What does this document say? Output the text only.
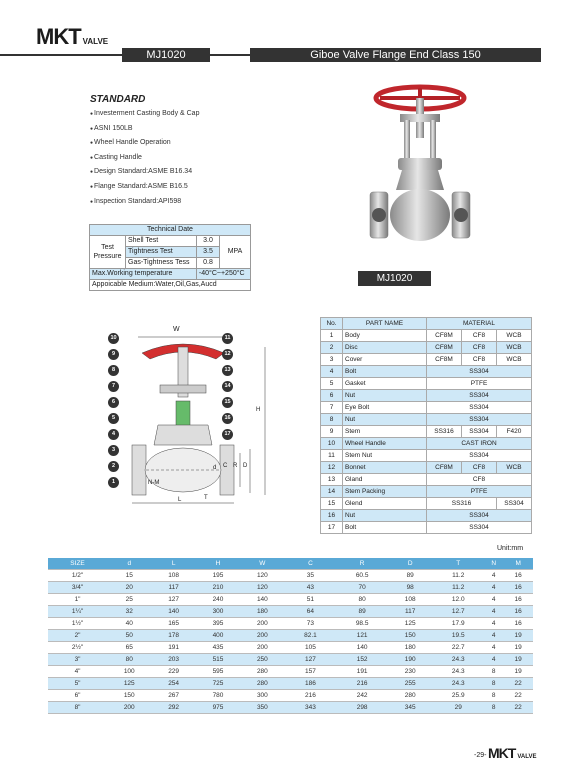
MKT VALVE
MJ1020	Giboe Valve Flange End Class 150
STANDARD
● Investerment Casting Body & Cap
● ASNI 150LB
● Wheel Handle Operation
● Casting Handle
● Design Standard:ASME B16.34
● Flange Standard:ASME B16.5
● Inspection Standard:API598
Technical Date			
Test Pressure	Shell Test	3.0	MPA
	Tightness Test	3.5	
	Gas-Tightness Tess	0.8	
Max.Working temperature		-40°C~+250°C	
Appoicable Medium:Water,Oil,Gas,Aucd			
MJ1020
W
H
d C R D
N-M
L	T
10
9
8
7
6
5
4
3
2
1
11
12
13
14
15
16
17
No.	PART NAME	MATERIAL		
1	Body	CF8M	CF8	WCB
2	Disc	CF8M	CF8	WCB
3	Cover	CF8M	CF8	WCB
4	Bolt	SS304		
5	Gasket	PTFE		
6	Nut	SS304		
7	Eye Bolt	SS304		
8	Nut	SS304		
9	Stem	SS316	SS304	F420
10	Wheel Handle	CAST IRON		
11	Stem Nut	SS304		
12	Bonnet	CF8M	CF8	WCB
13	Gland	CF8		
14	Stem Packing	PTFE		
15	Glend	SS316		SS304
16	Nut	SS304		
17	Bolt	SS304		
Unit:mm
SIZE	d	L	H	W	C	R	D	T	N	M
1/2"	15	108	195	120	35	60.5	89	11.2	4	16
3/4"	20	117	210	120	43	70	98	11.2	4	16
1"	25	127	240	140	51	80	108	12.0	4	16
1¼"	32	140	300	180	64	89	117	12.7	4	16
1½"	40	165	395	200	73	98.5	125	17.9	4	16
2"	50	178	400	200	82.1	121	150	19.5	4	19
2½"	65	191	435	200	105	140	180	22.7	4	19
3"	80	203	515	250	127	152	190	24.3	4	19
4"	100	229	595	280	157	191	230	24.3	8	19
5"	125	254	725	280	186	216	255	24.3	8	22
6"	150	267	780	300	216	242	280	25.9	8	22
8"	200	292	975	350	343	298	345	29	8	22
-29- MKT VALVE
